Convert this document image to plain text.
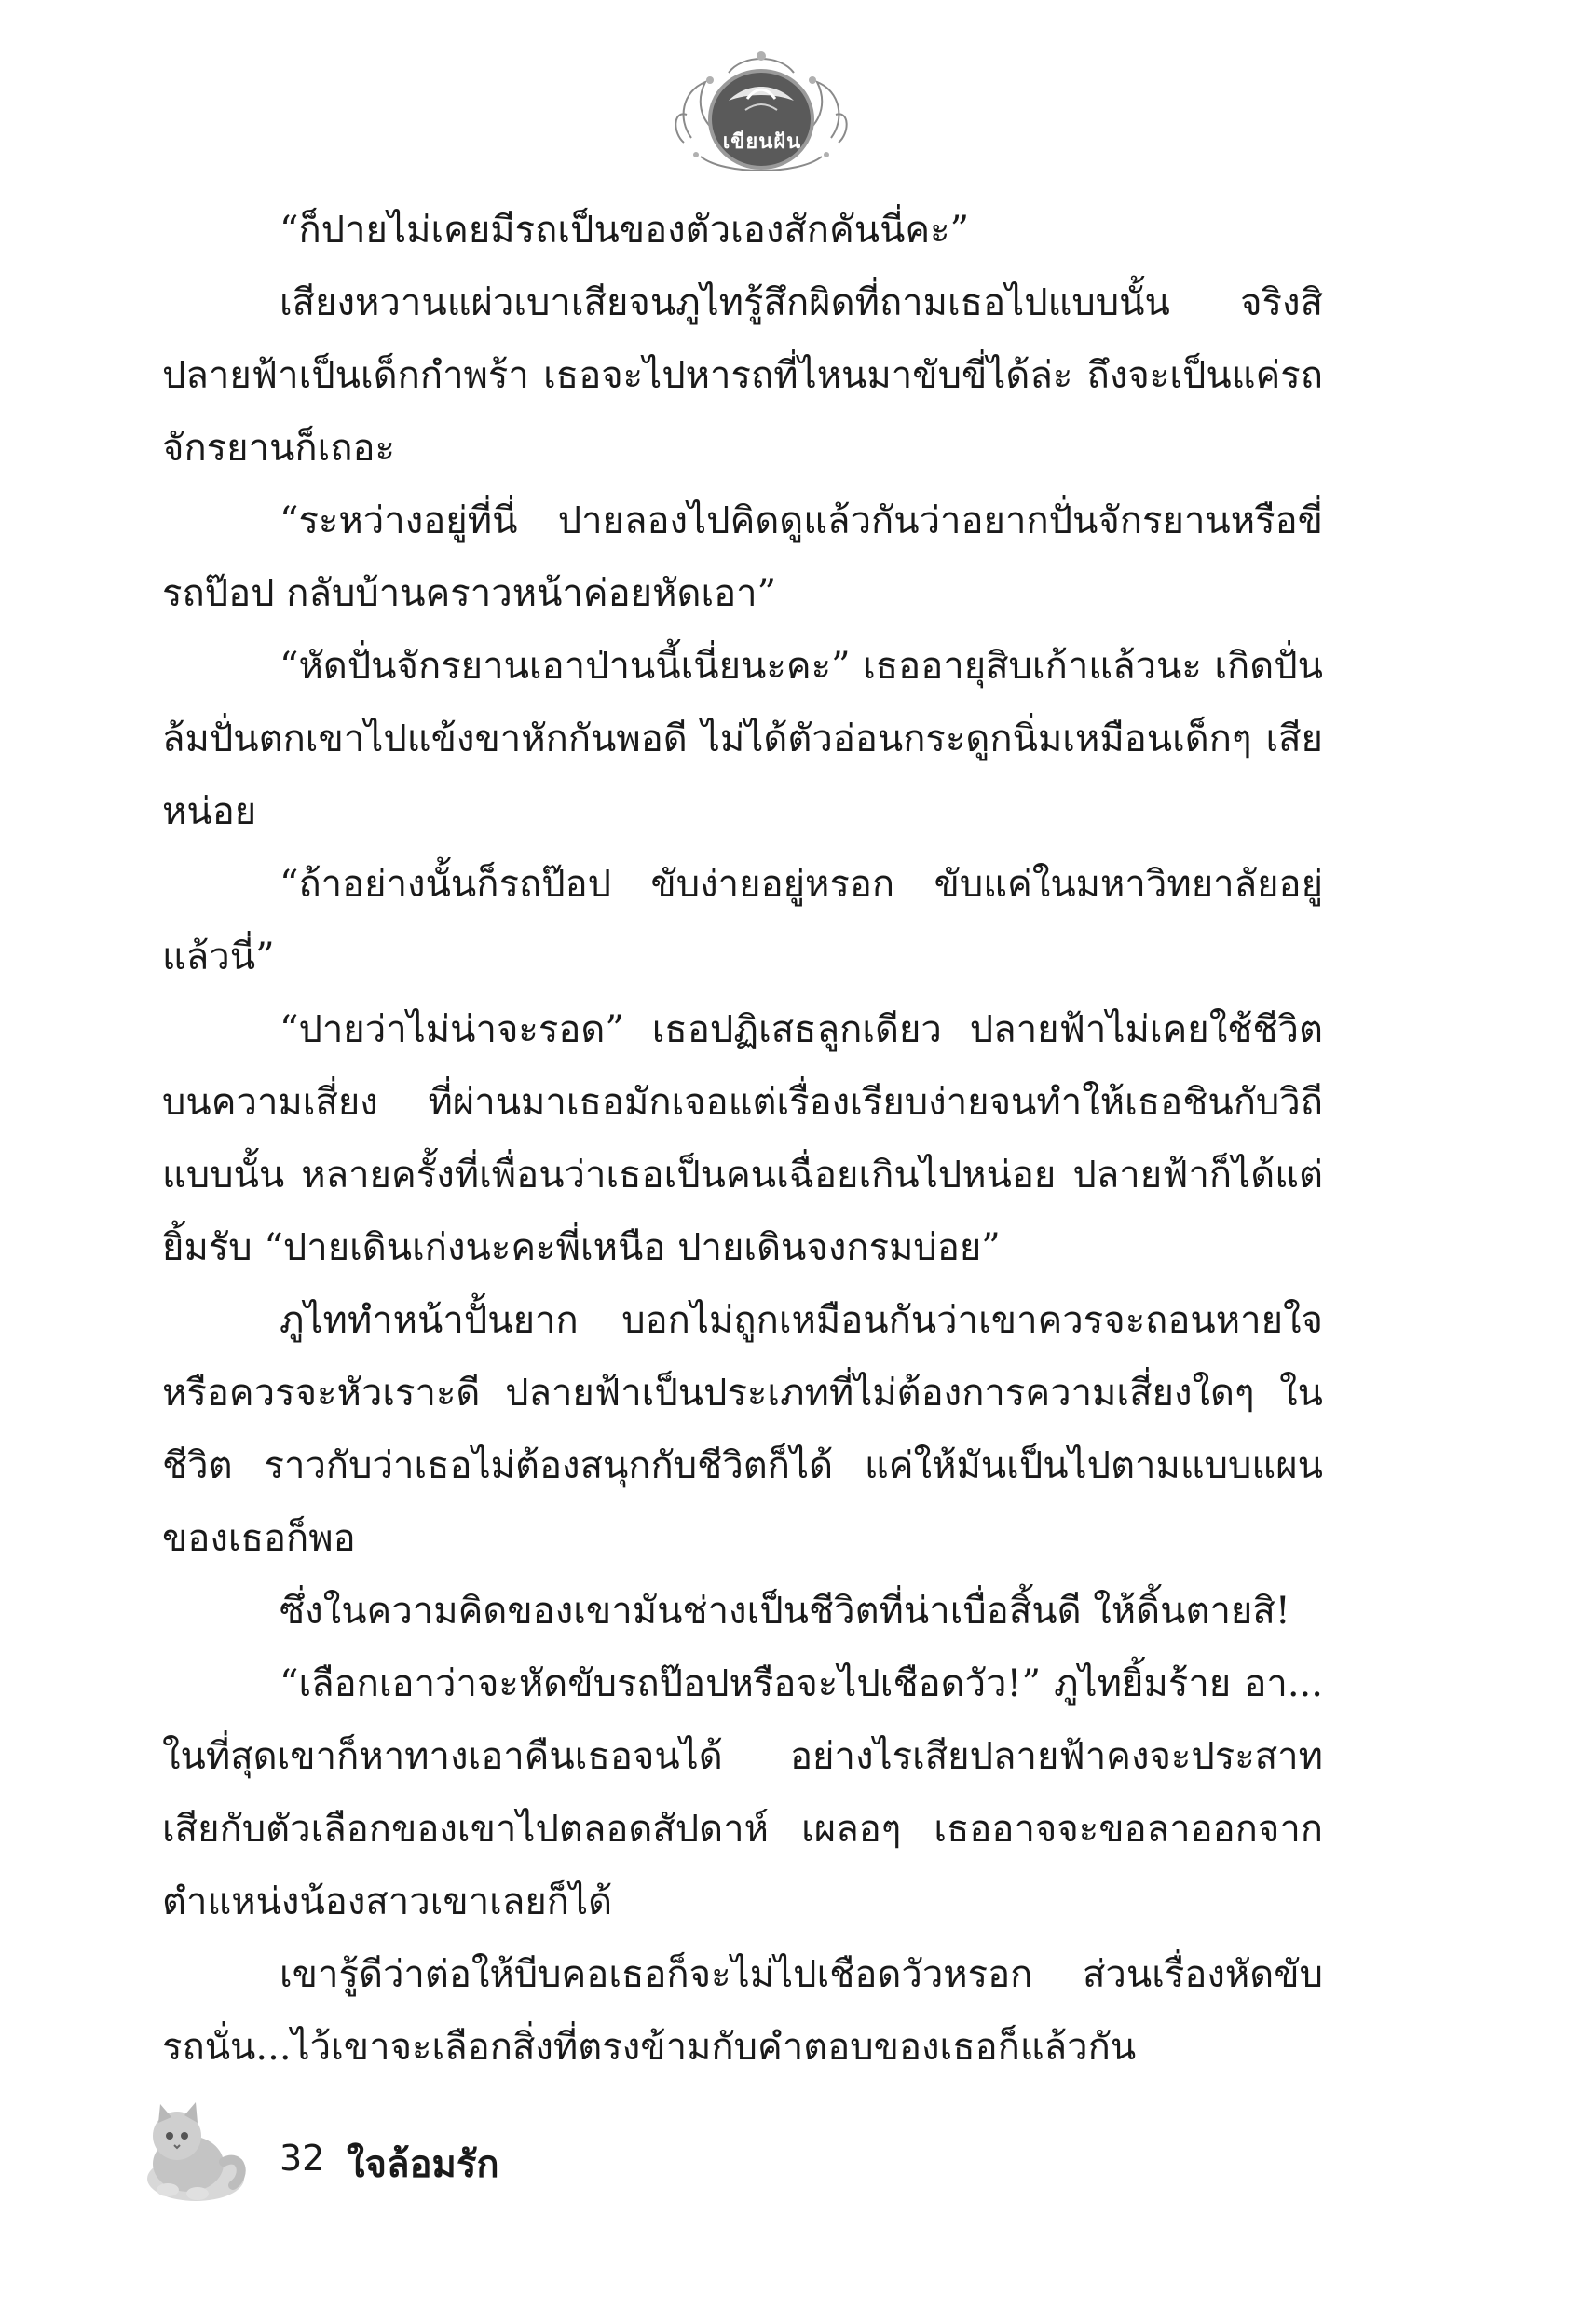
เขียนฝัน

“ก็ปายไม่เคยมีรถเป็นของตัวเองสักคันนี่คะ”

เสียงหวานแผ่วเบาเสียจนภูไทรู้สึกผิดที่ถามเธอไปแบบนั้น จริงสิ ปลายฟ้าเป็นเด็กกำพร้า เธอจะไปหารถที่ไหนมาขับขี่ได้ล่ะ ถึงจะเป็นแค่รถจักรยานก็เถอะ

“ระหว่างอยู่ที่นี่ ปายลองไปคิดดูแล้วกันว่าอยากปั่นจักรยานหรือขี่รถป๊อป กลับบ้านคราวหน้าค่อยหัดเอา”

“หัดปั่นจักรยานเอาป่านนี้เนี่ยนะคะ” เธออายุสิบเก้าแล้วนะ เกิดปั่นล้มปั่นตกเขาไปแข้งขาหักกันพอดี ไม่ได้ตัวอ่อนกระดูกนิ่มเหมือนเด็กๆ เสียหน่อย

“ถ้าอย่างนั้นก็รถป๊อป ขับง่ายอยู่หรอก ขับแค่ในมหาวิทยาลัยอยู่แล้วนี่”

“ปายว่าไม่น่าจะรอด” เธอปฏิเสธลูกเดียว ปลายฟ้าไม่เคยใช้ชีวิตบนความเสี่ยง ที่ผ่านมาเธอมักเจอแต่เรื่องเรียบง่ายจนทำให้เธอชินกับวิถีแบบนั้น หลายครั้งที่เพื่อนว่าเธอเป็นคนเฉื่อยเกินไปหน่อย ปลายฟ้าก็ได้แต่ยิ้มรับ “ปายเดินเก่งนะคะพี่เหนือ ปายเดินจงกรมบ่อย”

ภูไททำหน้าปั้นยาก บอกไม่ถูกเหมือนกันว่าเขาควรจะถอนหายใจหรือควรจะหัวเราะดี ปลายฟ้าเป็นประเภทที่ไม่ต้องการความเสี่ยงใดๆ ในชีวิต ราวกับว่าเธอไม่ต้องสนุกกับชีวิตก็ได้ แค่ให้มันเป็นไปตามแบบแผนของเธอก็พอ

ซึ่งในความคิดของเขามันช่างเป็นชีวิตที่น่าเบื่อสิ้นดี ให้ดิ้นตายสิ!

“เลือกเอาว่าจะหัดขับรถป๊อปหรือจะไปเชือดวัว!” ภูไทยิ้มร้าย อา... ในที่สุดเขาก็หาทางเอาคืนเธอจนได้ อย่างไรเสียปลายฟ้าคงจะประสาทเสียกับตัวเลือกของเขาไปตลอดสัปดาห์ เผลอๆ เธออาจจะขอลาออกจากตำแหน่งน้องสาวเขาเลยก็ได้

เขารู้ดีว่าต่อให้บีบคอเธอก็จะไม่ไปเชือดวัวหรอก ส่วนเรื่องหัดขับรถนั่น...ไว้เขาจะเลือกสิ่งที่ตรงข้ามกับคำตอบของเธอก็แล้วกัน

32 ใจล้อมรัก
